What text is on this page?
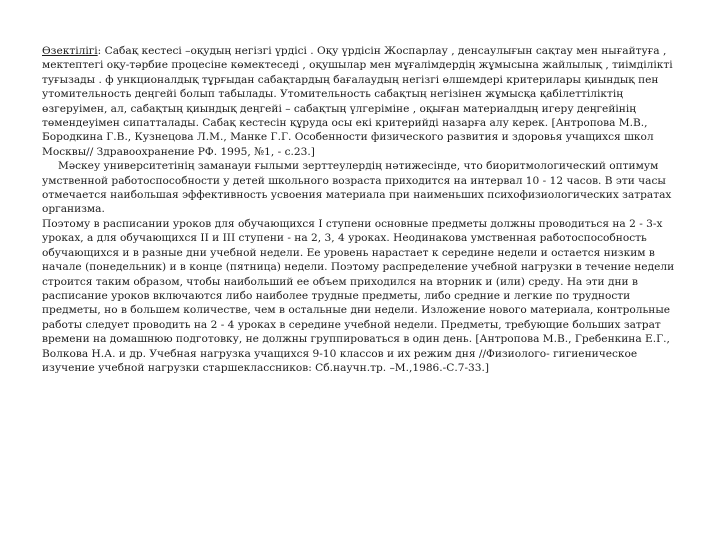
Өзектілігі: Сабақ кестесі –оқудың негізгі үрдісі . Оқу үрдісін Жоспарлау , денсаулығын сақтау мен нығайтуға , мектептегі оқу-тәрбие процесіне көмектеседі , оқушылар мен мұғалімдердің жұмысына жайлылық , тиімділікті туғызады . ф ункционалдық тұрғыдан сабақтардың бағалаудың негізгі өлшемдері критерилары қиындық пен утомительность деңгейі болып табылады. Утомительность сабақтың негізінен жұмысқа қабілеттіліктің өзгеруімен, ал, сабақтың қиындық деңгейі – сабақтың үлгеріміне , оқыған материалдың игеру деңгейінің төмендеуімен сипатталады. Сабақ кестесін құруда осы екі критерийді назарға алу керек. [Антропова М.В., Бородкина Г.В., Кузнецова Л.М., Манке Г.Г. Особенности физического развития и здоровья учащихся школ Москвы// Здравоохранение РФ. 1995, №1, - с.23.]

Мәскеу университетінің заманауи ғылыми зерттеулердің нәтижесінде, что биоритмологический оптимум умственной работоспособности у детей школьного возраста приходится на интервал 10 - 12 часов. В эти часы отмечается наибольшая эффективность усвоения материала при наименьших психофизиологических затратах организма.

Поэтому в расписании уроков для обучающихся I ступени основные предметы должны проводиться на 2 - 3-х уроках, а для обучающихся II и III ступени - на 2, 3, 4 уроках. Неодинакова умственная работоспособность обучающихся и в разные дни учебной недели. Ее уровень нарастает к середине недели и остается низким в начале (понедельник) и в конце (пятница) недели. Поэтому распределение учебной нагрузки в течение недели строится таким образом, чтобы наибольший ее объем приходился на вторник и (или) среду. На эти дни в расписание уроков включаются либо наиболее трудные предметы, либо средние и легкие по трудности предметы, но в большем количестве, чем в остальные дни недели. Изложение нового материала, контрольные работы следует проводить на 2 - 4 уроках в середине учебной недели. Предметы, требующие больших затрат времени на домашнюю подготовку, не должны группироваться в один день. [Антропова М.В., Гребенкина Е.Г., Волкова Н.А. и др. Учебная нагрузка учащихся 9-10 классов и их режим дня //Физиолого- гигиеническое изучение учебной нагрузки старшеклассников: Сб.научн.тр. –М.,1986.-С.7-33.]
